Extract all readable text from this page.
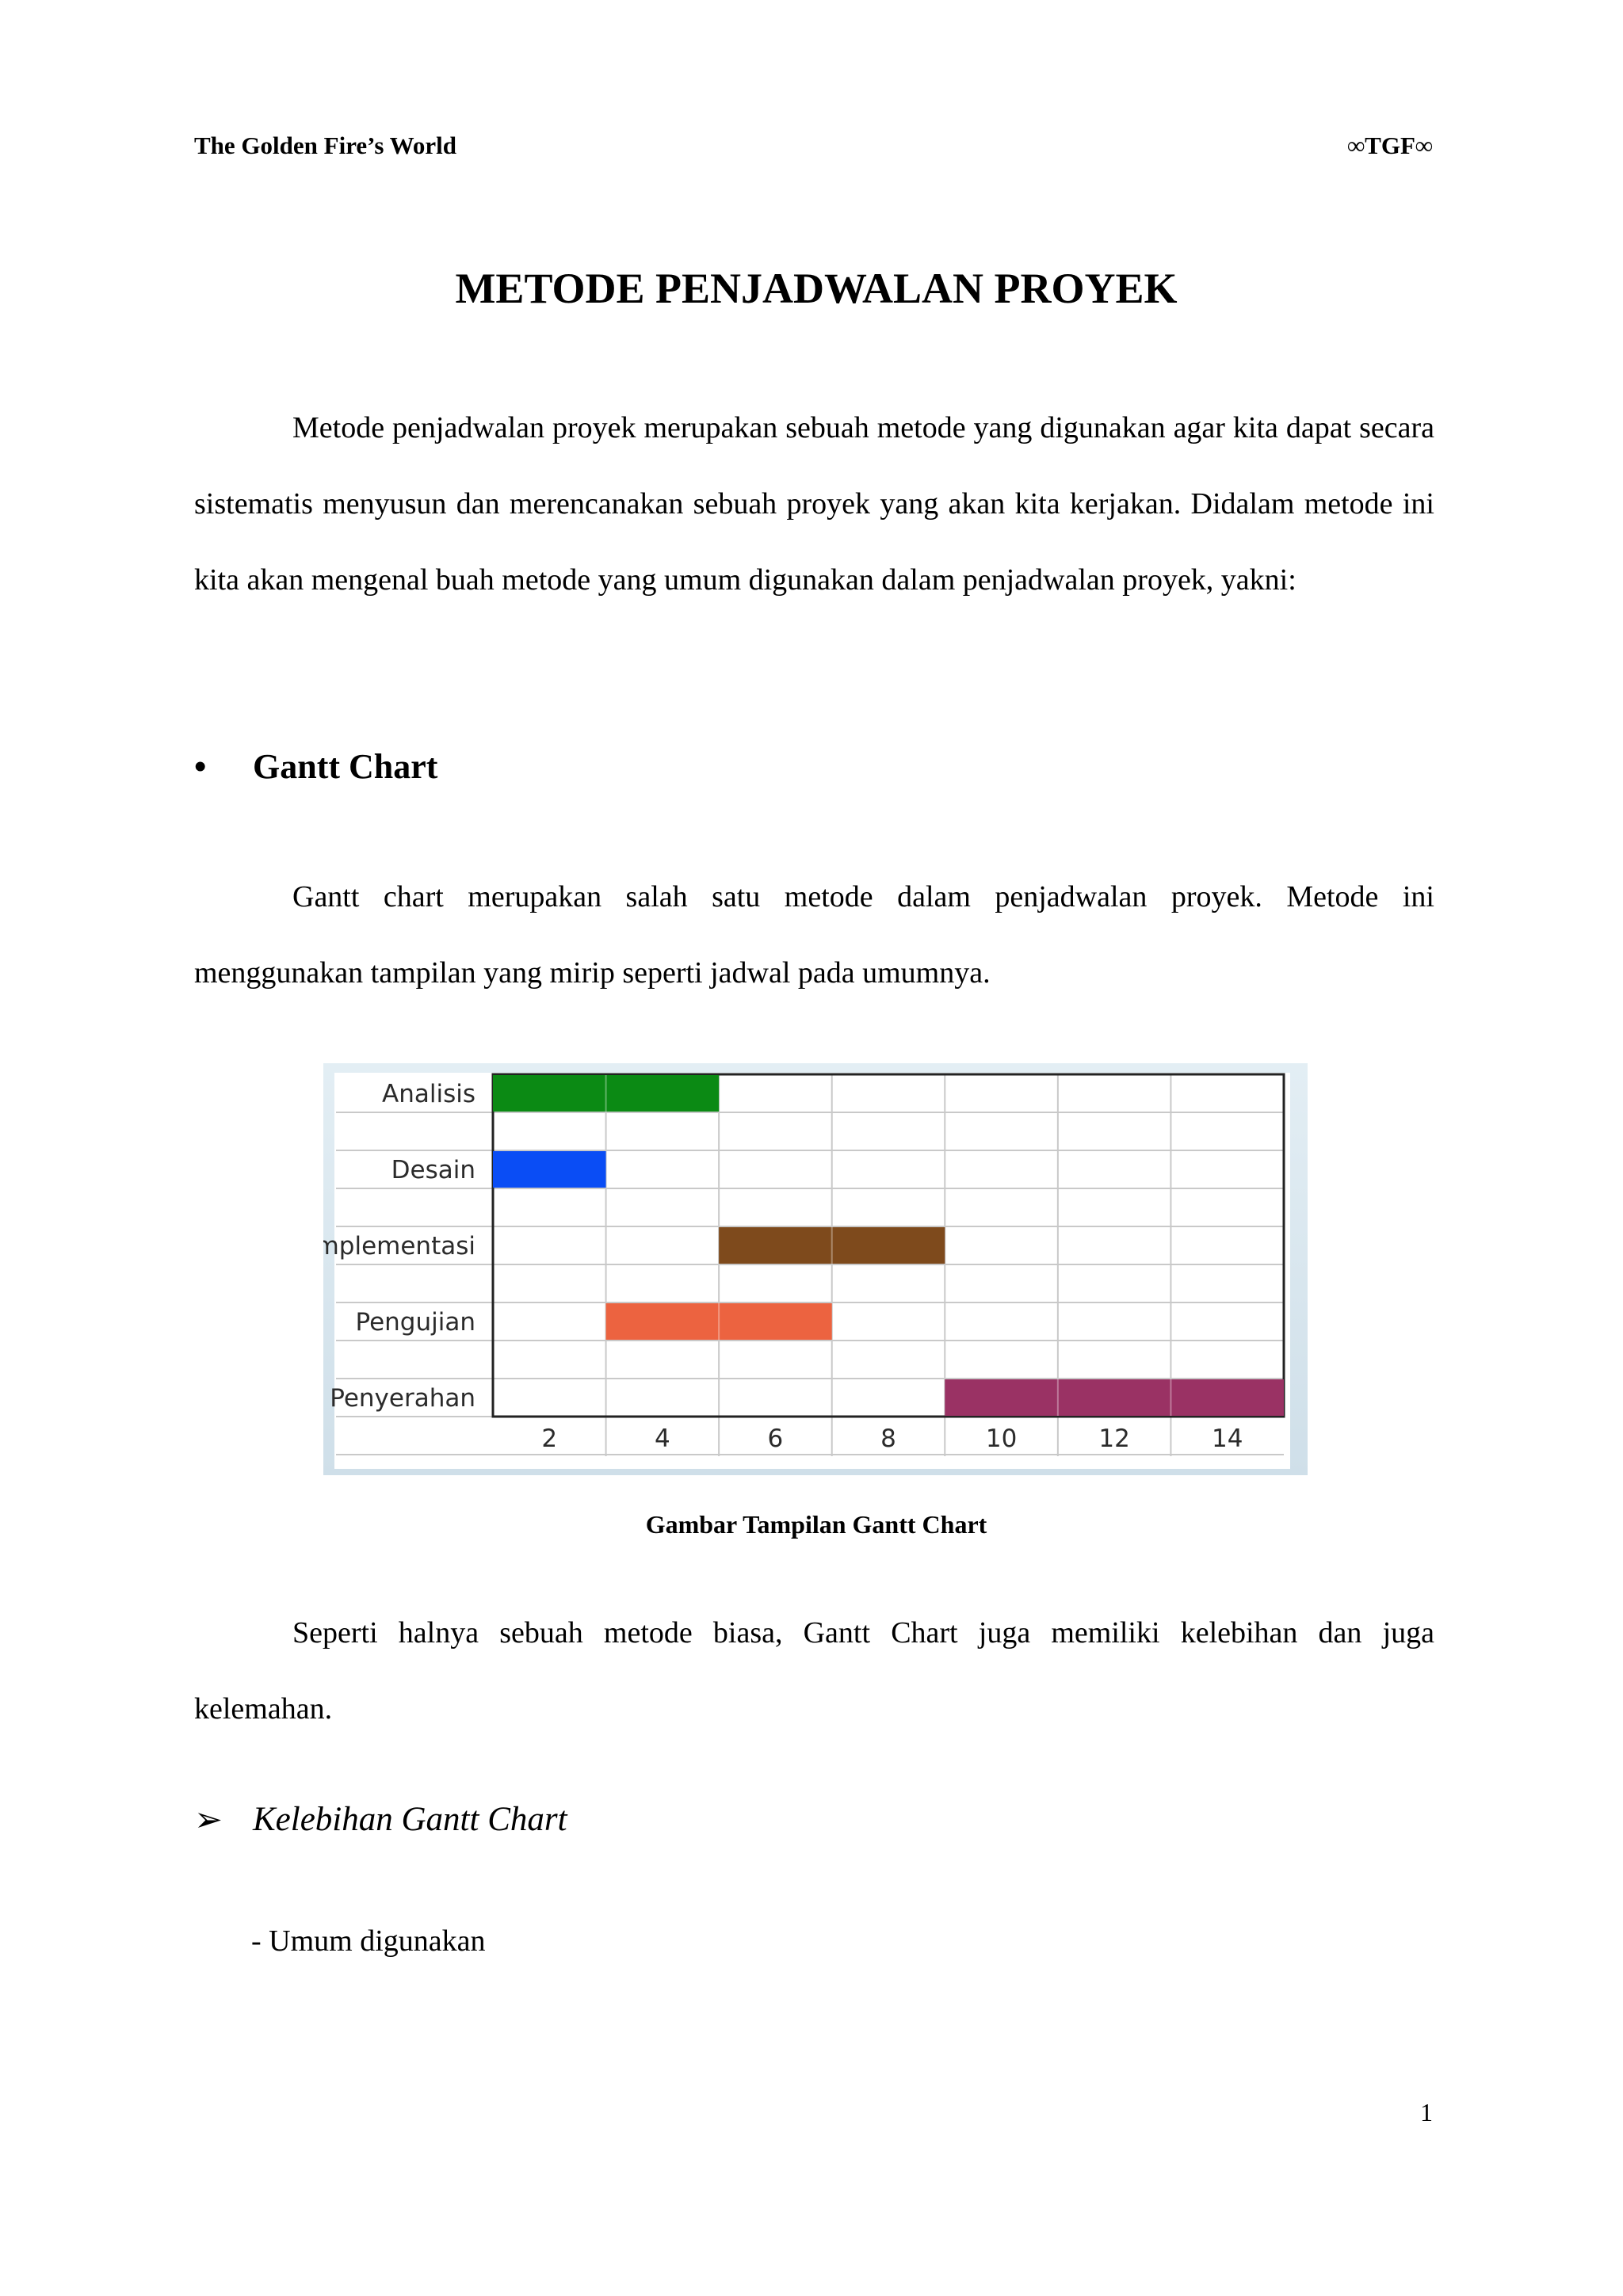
The Golden Fire’s World	∞TGF∞
METODE PENJADWALAN PROYEK
Metode penjadwalan proyek merupakan sebuah metode yang digunakan agar kita dapat secara sistematis menyusun dan merencanakan sebuah proyek yang akan kita kerjakan. Didalam metode ini kita akan mengenal buah metode yang umum digunakan dalam penjadwalan proyek, yakni:
• Gantt Chart
Gantt chart merupakan salah satu metode dalam penjadwalan proyek. Metode ini menggunakan tampilan yang mirip seperti jadwal pada umumnya.
Analisis
Desain
Implementasi
Pengujian
Penyerahan
2	4	6	8	10	12	14
Gambar Tampilan Gantt Chart
Seperti halnya sebuah metode biasa, Gantt Chart juga memiliki kelebihan dan juga kelemahan.
➢ Kelebihan Gantt Chart
- Umum digunakan
1
